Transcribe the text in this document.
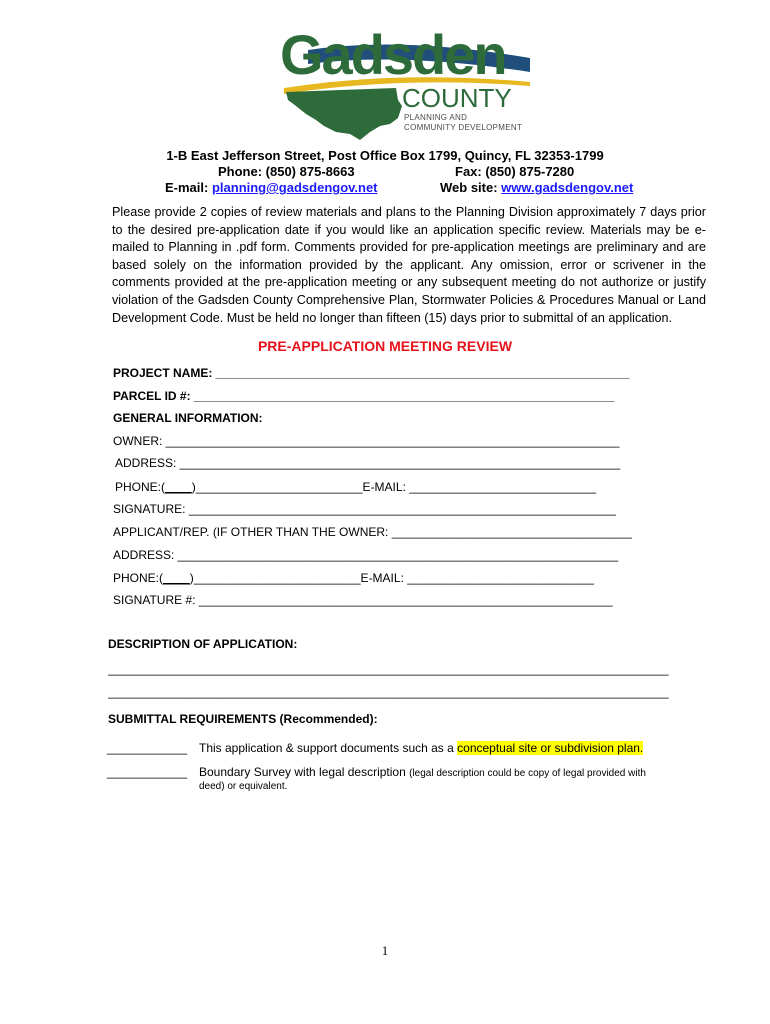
Gadsden
COUNTY
PLANNING AND
COMMUNITY DEVELOPMENT
1-B East Jefferson Street, Post Office Box 1799, Quincy, FL 32353-1799
Phone: (850) 875-8663	Fax: (850) 875-7280
E-mail: planning@gadsdengov.net	Web site: www.gadsdengov.net
Please provide 2 copies of review materials and plans to the Planning Division approximately 7 days prior
to the desired pre-application date if you would like an application specific review. Materials may be e-
mailed to Planning in .pdf form. Comments provided for pre-application meetings are preliminary and are
based solely on the information provided by the applicant. Any omission, error or scrivener in the
comments provided at the pre-application meeting or any subsequent meeting do not authorize or justify
violation of the Gadsden County Comprehensive Plan, Stormwater Policies & Procedures Manual or Land
Development Code. Must be held no longer than fifteen (15) days prior to submittal of an application.
PRE-APPLICATION MEETING REVIEW
PROJECT NAME: ______________________________________________________________
PARCEL ID #: _______________________________________________________________
GENERAL INFORMATION:
OWNER: ____________________________________________________________________
ADDRESS: __________________________________________________________________
PHONE:(____)_________________________E-MAIL: ____________________________
SIGNATURE: ________________________________________________________________
APPLICANT/REP. (IF OTHER THAN THE OWNER: ____________________________________
ADDRESS: __________________________________________________________________
PHONE:(____)_________________________E-MAIL: ____________________________
SIGNATURE #: ______________________________________________________________
DESCRIPTION OF APPLICATION:
____________________________________________________________________________________
____________________________________________________________________________________
SUBMITTAL REQUIREMENTS (Recommended):
____________ This application & support documents such as a conceptual site or subdivision plan.
____________ Boundary Survey with legal description (legal description could be copy of legal provided with
deed) or equivalent.
1
